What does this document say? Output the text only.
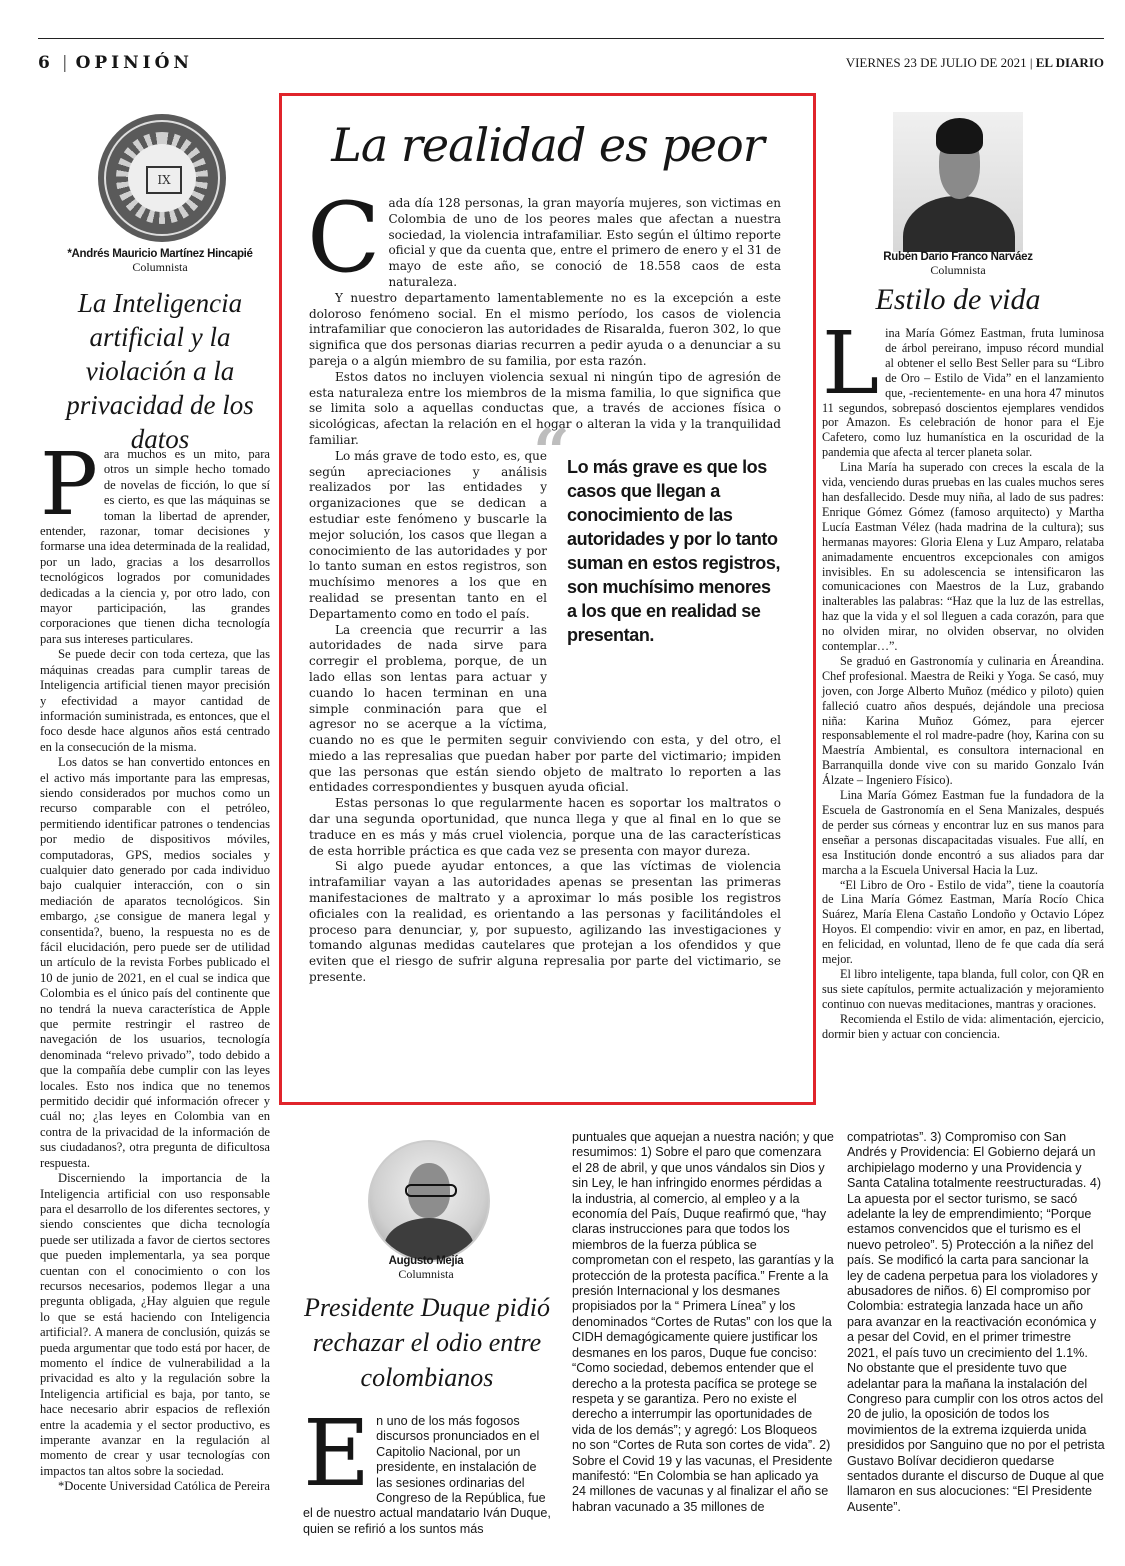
6 | OPINIÓN	VIERNES 23 DE JULIO DE 2021 | EL DIARIO
IX
*Andrés Mauricio Martínez Hincapié
Columnista
La Inteligencia artificial y la violación a la privacidad de los datos

Para muchos es un mito, para otros un simple hecho tomado de novelas de ficción, lo que sí es cierto, es que las máquinas se toman la libertad de aprender, entender, razonar, tomar decisiones y formarse una idea determinada de la realidad, por un lado, gracias a los desarrollos tecnológicos logrados por comunidades dedicadas a la ciencia y, por otro lado, con mayor participación, las grandes corporaciones que tienen dicha tecnología para sus intereses particulares.

Se puede decir con toda certeza, que las máquinas creadas para cumplir tareas de Inteligencia artificial tienen mayor precisión y efectividad a mayor cantidad de información suministrada, es entonces, que el foco desde hace algunos años está centrado en la consecución de la misma.

Los datos se han convertido entonces en el activo más importante para las empresas, siendo considerados por muchos como un recurso comparable con el petróleo, permitiendo identificar patrones o tendencias por medio de dispositivos móviles, computadoras, GPS, medios sociales y cualquier dato generado por cada individuo bajo cualquier interacción, con o sin mediación de aparatos tecnológicos. Sin embargo, ¿se consigue de manera legal y consentida?, bueno, la respuesta no es de fácil elucidación, pero puede ser de utilidad un artículo de la revista Forbes publicado el 10 de junio de 2021, en el cual se indica que Colombia es el único país del continente que no tendrá la nueva característica de Apple que permite restringir el rastreo de navegación de los usuarios, tecnología denominada “relevo privado”, todo debido a que la compañía debe cumplir con las leyes locales. Esto nos indica que no tenemos permitido decidir qué información ofrecer y cuál no; ¿las leyes en Colombia van en contra de la privacidad de la información de sus ciudadanos?, otra pregunta de dificultosa respuesta.

Discerniendo la importancia de la Inteligencia artificial con uso responsable para el desarrollo de los diferentes sectores, y siendo conscientes que dicha tecnología puede ser utilizada a favor de ciertos sectores que pueden implementarla, ya sea porque cuentan con el conocimiento o con los recursos necesarios, podemos llegar a una pregunta obligada, ¿Hay alguien que regule lo que se está haciendo con Inteligencia artificial?. A manera de conclusión, quizás se pueda argumentar que todo está por hacer, de momento el índice de vulnerabilidad a la privacidad es alto y la regulación sobre la Inteligencia artificial es baja, por tanto, se hace necesario abrir espacios de reflexión entre la academia y el sector productivo, es imperante avanzar en la regulación al momento de crear y usar tecnologías con impactos tan altos sobre la sociedad.

*Docente Universidad Católica de Pereira

La realidad es peor

Cada día 128 personas, la gran mayoría mujeres, son victimas en Colombia de uno de los peores males que afectan a nuestra sociedad, la violencia intrafamiliar. Esto según el último reporte oficial y que da cuenta que, entre el primero de enero y el 31 de mayo de este año, se conoció de 18.558 caos de esta naturaleza.

Y nuestro departamento lamentablemente no es la excepción a este doloroso fenómeno social. En el mismo período, los casos de violencia intrafamiliar que conocieron las autoridades de Risaralda, fueron 302, lo que significa que dos personas diarias recurren a pedir ayuda o a denunciar a su pareja o a algún miembro de su familia, por esta razón.

Estos datos no incluyen violencia sexual ni ningún tipo de agresión de esta naturaleza entre los miembros de la misma familia, lo que significa que se limita solo a aquellas conductas que, a través de acciones física o sicológicas, afectan la relación en el hogar o alteran la vida y la tranquilidad familiar.	“
Lo más grave es que los casos que llegan a conocimiento de las autoridades y por lo tanto suman en estos registros, son muchísimo menores a los que en realidad se presentan.

Lo más grave de todo esto, es, que según apreciaciones y análisis realizados por las entidades y organizaciones que se dedican a estudiar este fenómeno y buscarle la mejor solución, los casos que llegan a conocimiento de las autoridades y por lo tanto suman en estos registros, son muchísimo menores a los que en realidad se presentan tanto en el Departamento como en todo el país.

La creencia que recurrir a las autoridades de nada sirve para corregir el problema, porque, de un lado ellas son lentas para actuar y cuando lo hacen terminan en una simple conminación para que el agresor no se acerque a la víctima, cuando no es que le permiten seguir conviviendo con esta, y del otro, el miedo a las represalias que puedan haber por parte del victimario; impiden que las personas que están siendo objeto de maltrato lo reporten a las entidades correspondientes y busquen ayuda oficial.

Estas personas lo que regularmente hacen es soportar los maltratos o dar una segunda oportunidad, que nunca llega y que al final en lo que se traduce en es más y más cruel violencia, porque una de las características de esta horrible práctica es que cada vez se presenta con mayor dureza.

Si algo puede ayudar entonces, a que las víctimas de violencia intrafamiliar vayan a las autoridades apenas se presentan las primeras manifestaciones de maltrato y a aproximar lo más posible los registros oficiales con la realidad, es orientando a las personas y facilitándoles el proceso para denunciar, y, por supuesto, agilizando las investigaciones y tomando algunas medidas cautelares que protejan a los ofendidos y que eviten que el riesgo de sufrir alguna represalia por parte del victimario, se presente.

Rubén Darío Franco Narváez
Columnista
Estilo de vida

Lina María Gómez Eastman, fruta luminosa de árbol pereirano, impuso récord mundial al obtener el sello Best Seller para su “Libro de Oro – Estilo de Vida” en el lanzamiento que, -recientemente- en una hora 47 minutos 11 segundos, sobrepasó doscientos ejemplares vendidos por Amazon. Es celebración de honor para el Eje Cafetero, como luz humanística en la oscuridad de la pandemia que afecta al tercer planeta solar.

Lina María ha superado con creces la escala de la vida, venciendo duras pruebas en las cuales muchos seres han desfallecido. Desde muy niña, al lado de sus padres: Enrique Gómez Gómez (famoso arquitecto) y Martha Lucía Eastman Vélez (hada madrina de la cultura); sus hermanas mayores: Gloria Elena y Luz Amparo, relataba animadamente encuentros excepcionales con amigos invisibles. En su adolescencia se intensificaron las comunicaciones con Maestros de la Luz, grabando inalterables las palabras: “Haz que la luz de las estrellas, haz que la vida y el sol lleguen a cada corazón, para que no olviden mirar, no olviden observar, no olviden contemplar…”.

Se graduó en Gastronomía y culinaria en Áreandina. Chef profesional. Maestra de Reiki y Yoga. Se casó, muy joven, con Jorge Alberto Muñoz (médico y piloto) quien falleció cuatro años después, dejándole una preciosa niña: Karina Muñoz Gómez, para ejercer responsablemente el rol madre-padre (hoy, Karina con su Maestría Ambiental, es consultora internacional en Barranquilla donde vive con su marido Gonzalo Iván Álzate – Ingeniero Físico).

Lina María Gómez Eastman fue la fundadora de la Escuela de Gastronomía en el Sena Manizales, después de perder sus córneas y encontrar luz en sus manos para enseñar a personas discapacitadas visuales. Fue allí, en esa Institución donde encontró a sus aliados para dar marcha a la Escuela Universal Hacia la Luz.

“El Libro de Oro - Estilo de vida”, tiene la coautoría de Lina María Gómez Eastman, María Rocío Chica Suárez, María Elena Castaño Londoño y Octavio López Hoyos. El compendio: vivir en amor, en paz, en libertad, en felicidad, en voluntad, lleno de fe que cada día será mejor.

El libro inteligente, tapa blanda, full color, con QR en sus siete capítulos, permite actualización y mejoramiento continuo con nuevas meditaciones, mantras y oraciones.

Recomienda el Estilo de vida: alimentación, ejercicio, dormir bien y actuar con conciencia.

Augusto Mejía
Columnista
Presidente Duque pidió rechazar el odio entre colombianos

En uno de los más fogosos discursos pronunciados en el Capitolio Nacional, por un presidente, en instalación de las sesiones ordinarias del Congreso de la República, fue el de nuestro actual mandatario Iván Duque, quien se refirió a los suntos más

puntuales que aquejan a nuestra nación; y que resumimos: 1) Sobre el paro que comenzara el 28 de abril, y que unos vándalos sin Dios y sin Ley, le han infringido enormes pérdidas a la industria, al comercio, al empleo y a la economía del País, Duque reafirmó que, “hay claras instrucciones para que todos los miembros de la fuerza pública se comprometan con el respeto, las garantías y la protección de la protesta pacífica.” Frente a la presión Internacional y los desmanes propisiados por la “ Primera Línea” y los denominados “Cortes de Rutas” con los que la CIDH demagógicamente quiere justificar los desmanes en los paros, Duque fue conciso: “Como sociedad, debemos entender que el derecho a la protesta pacífica se protege se respeta y se garantiza. Pero no existe el derecho a interrumpir las oportunidades de vida de los demás”; y agregó: Los Bloqueos no son “Cortes de Ruta son cortes de vida”. 2) Sobre el Covid 19 y las vacunas, el Presidente manifestó: “En Colombia se han aplicado ya 24 millones de vacunas y al finalizar el año se habran vacunado a 35 millones de

compatriotas”. 3) Compromiso con San Andrés y Providencia: El Gobierno dejará un archipielago moderno y una Providencia y Santa Catalina totalmente reestructuradas. 4) La apuesta por el sector turismo, se sacó adelante la ley de emprendimiento; “Porque estamos convencidos que el turismo es el nuevo petroleo”. 5) Protección a la niñez del país. Se modificó la carta para sancionar la ley de cadena perpetua para los violadores y abusadores de niños. 6) El compromiso por Colombia: estrategia lanzada hace un año para avanzar en la reactivación económica y a pesar del Covid, en el primer trimestre 2021, el país tuvo un crecimiento del 1.1%. No obstante que el presidente tuvo que adelantar para la mañana la instalación del Congreso para cumplir con los otros actos del 20 de julio, la oposición de todos los movimientos de la extrema izquierda unida presididos por Sanguino que no por el petrista Gustavo Bolívar decidieron quedarse sentados durante el discurso de Duque al que llamaron en sus alocuciones: “El Presidente Ausente”.
